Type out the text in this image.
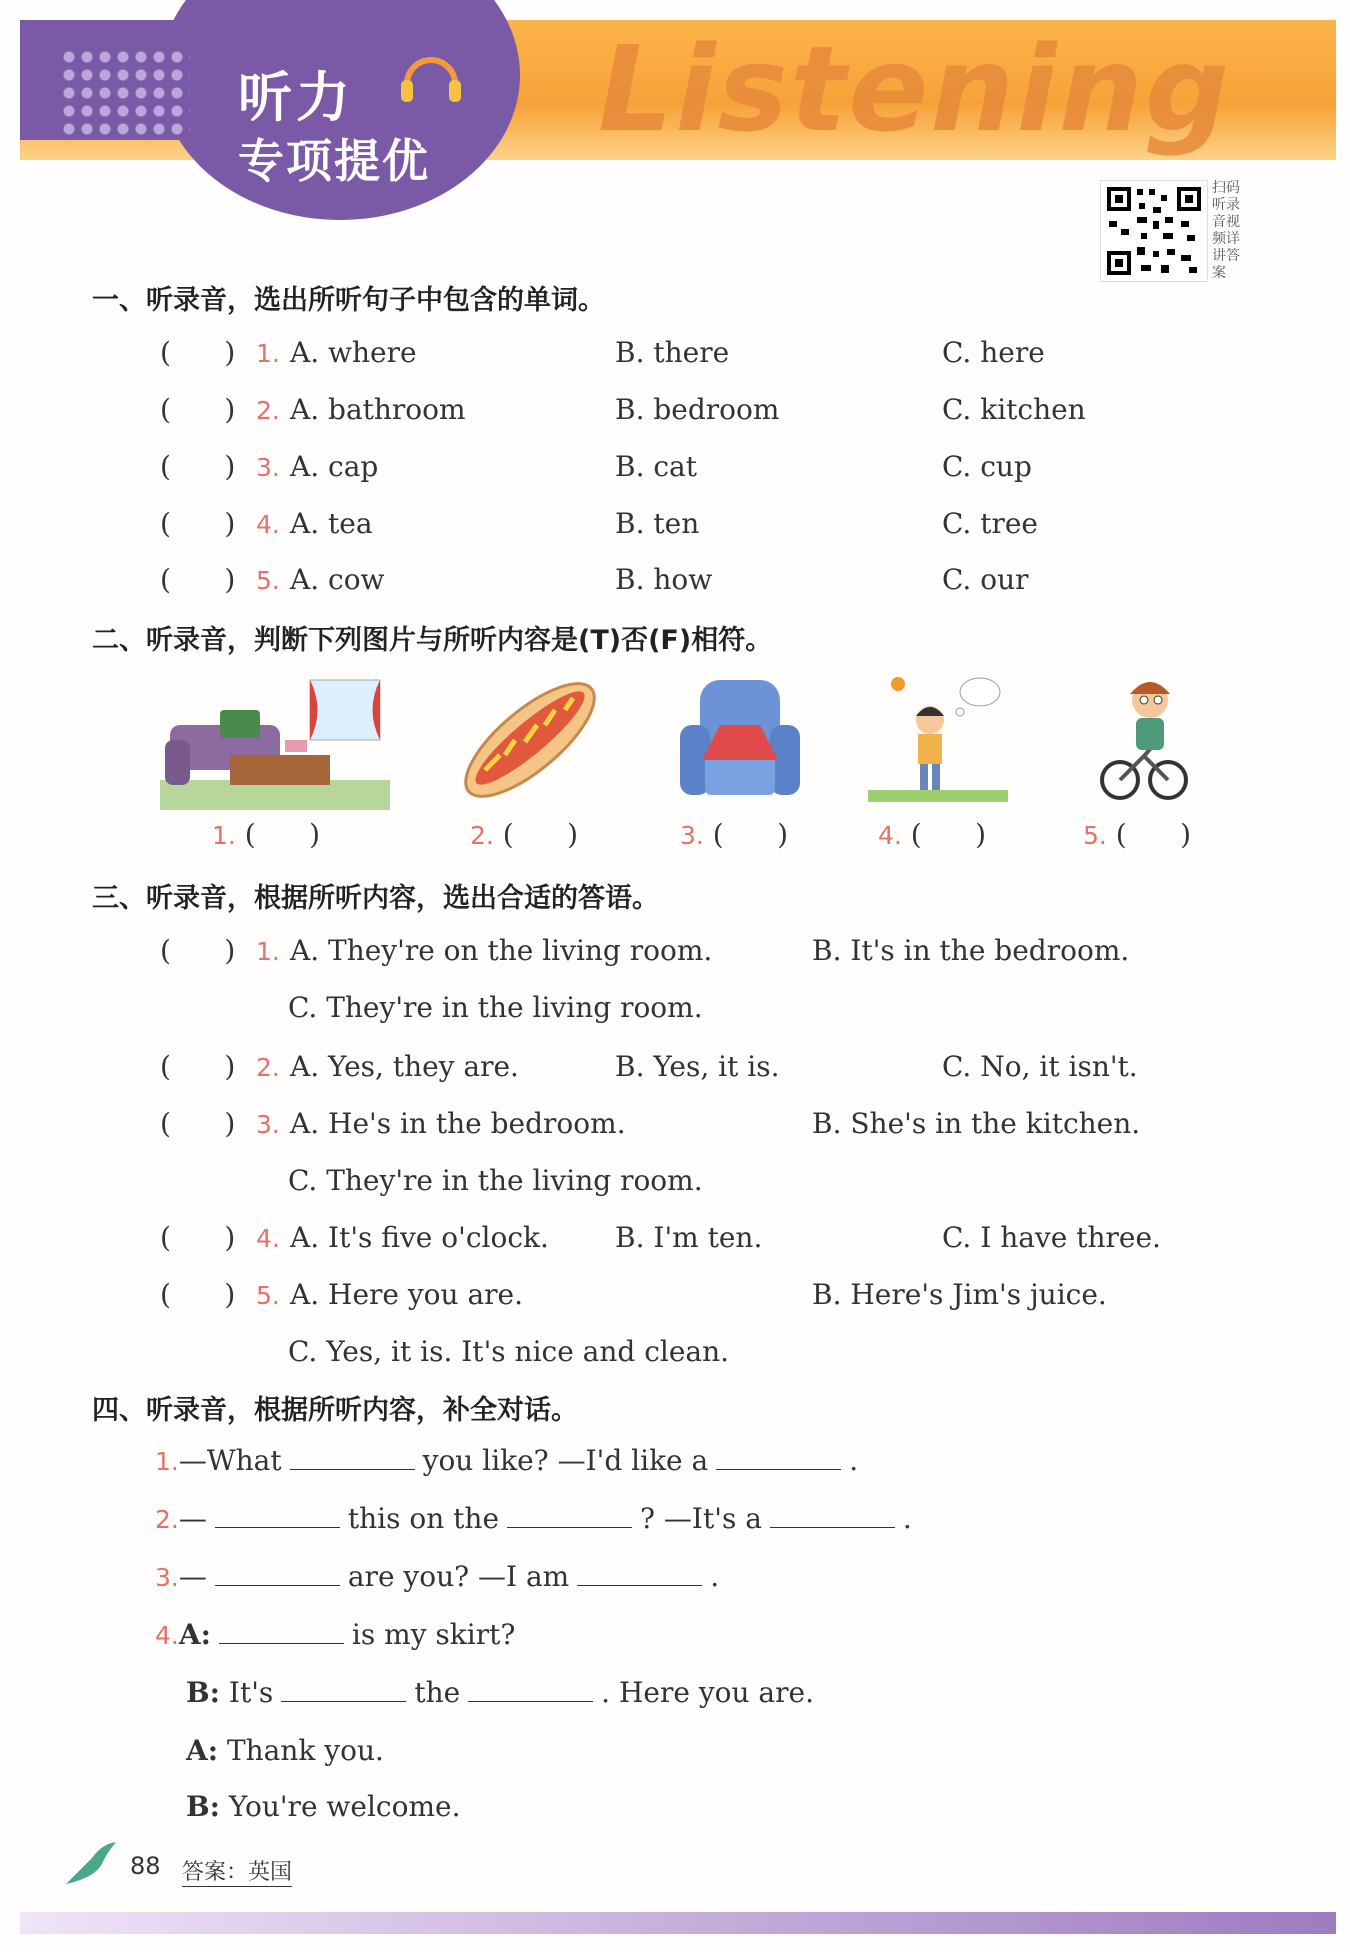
听力
专项提优
Listening
扫码听录音视频详讲答案
一、听录音，选出所听句子中包含的单词。
(      ) 1. A. where	B. there	C. here
(      ) 2. A. bathroom	B. bedroom	C. kitchen
(      ) 3. A. cap	B. cat	C. cup
(      ) 4. A. tea	B. ten	C. tree
(      ) 5. A. cow	B. how	C. our
二、听录音，判断下列图片与所听内容是(T)否(F)相符。
1. (      )	2. (      )	3. (      )	4. (      )	5. (      )
三、听录音，根据所听内容，选出合适的答语。
(      ) 1. A. They're on the living room.	B. It's in the bedroom.
C. They're in the living room.
(      ) 2. A. Yes, they are.	B. Yes, it is.	C. No, it isn't.
(      ) 3. A. He's in the bedroom.	B. She's in the kitchen.
C. They're in the living room.
(      ) 4. A. It's five o'clock. B. I'm ten.	C. I have three.
(      ) 5. A. Here you are.	B. Here's Jim's juice.
C. Yes, it is. It's nice and clean.
四、听录音，根据所听内容，补全对话。
1.—What	you like? —I'd like a	.
2.—	this on the	? —It's a	.
3.—	are you? —I am	.
4.A:	is my skirt?
B: It's	the	. Here you are.
A: Thank you.
B: You're welcome.
88 答案：英国
